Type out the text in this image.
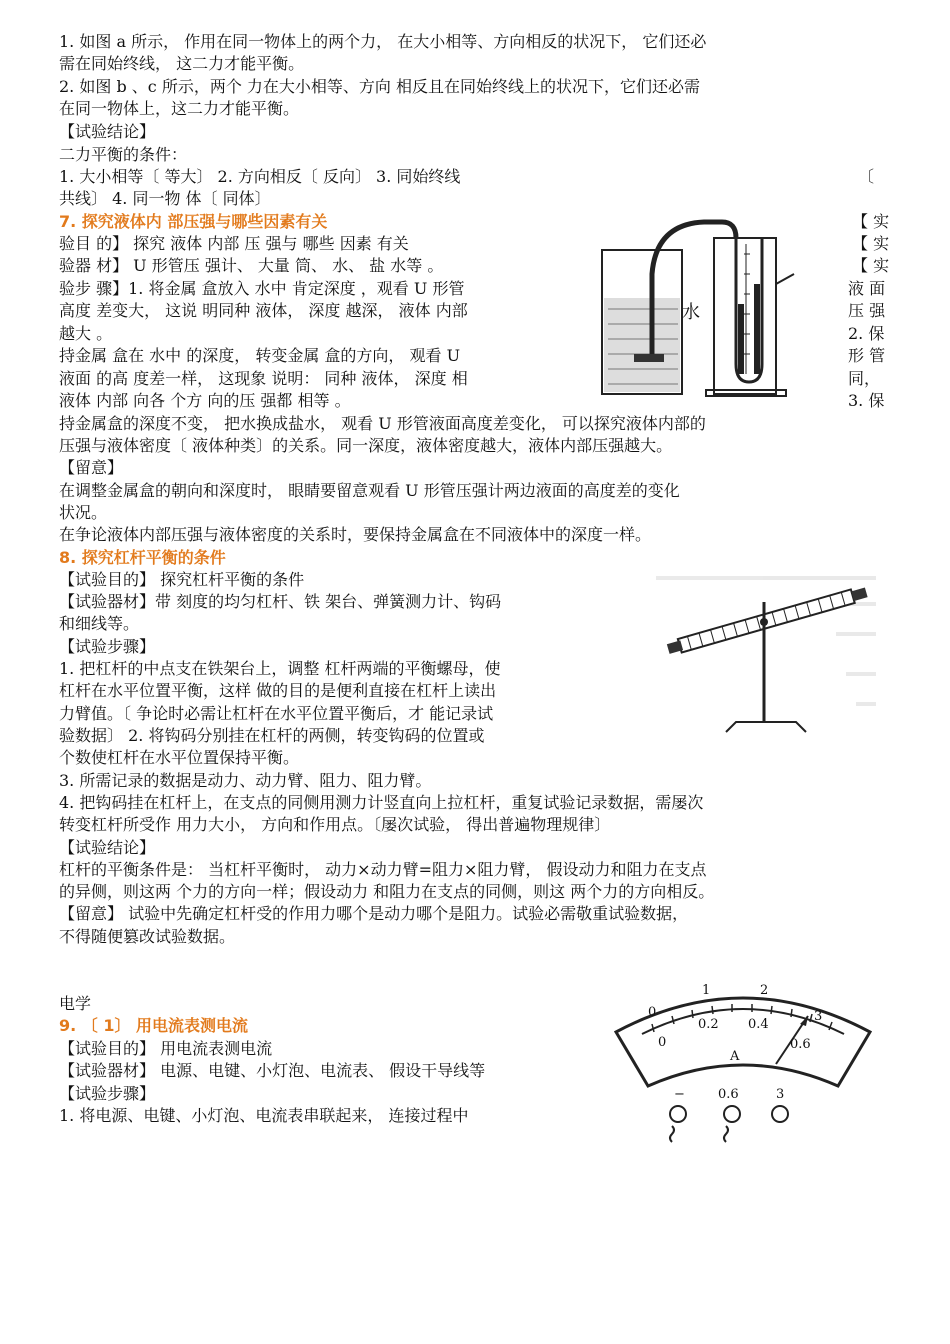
1. 如图 a 所示， 作用在同一物体上的两个力， 在大小相等、方向相反的状况下， 它们还必
需在同始终线， 这二力才能平衡。
2. 如图 b 、c 所示，两个 力在大小相等、方向 相反且在同始终线上的状况下，它们还必需
在同一物体上，这二力才能平衡。
【试验结论】
二力平衡的条件：
1. 大小相等〔 等大〕 2. 方向相反〔 反向〕 3. 同始终线
共线〕 4. 同一物 体〔 同体〕
验目 的】 探究 液体 内部 压 强与 哪些 因素 有关
验器 材】 U 形管压 强计、 大量 筒、 水、 盐 水等 。
验步 骤】1. 将金属 盒放入 水中 肯定深度 ，观看 U 形管
高度 差变大， 这说 明同种 液体， 深度 越深， 液体 内部
越大 。
持金属 盒在 水中 的深度， 转变金属 盒的方向， 观看 U
液面 的高 度差一样， 这现象 说明： 同种 液体， 深度 相
液体 内部 向各 个方 向的压 强都 相等 。
持金属盒的深度不变， 把水换成盐水， 观看 U 形管液面高度差变化， 可以探究液体内部的
压强与液体密度〔 液体种类〕的关系。同一深度，液体密度越大，液体内部压强越大。
【留意】
在调整金属盒的朝向和深度时， 眼睛要留意观看 U 形管压强计两边液面的高度差的变化
状况。
在争论液体内部压强与液体密度的关系时，要保持金属盒在不同液体中的深度一样。
【试验目的】 探究杠杆平衡的条件
【试验器材】带 刻度的均匀杠杆、铁 架台、弹簧测力计、钩码
和细线等。
【试验步骤】
1. 把杠杆的中点支在铁架台上，调整 杠杆两端的平衡螺母，使
杠杆在水平位置平衡，这样 做的目的是便利直接在杠杆上读出
力臂值。〔 争论时必需让杠杆在水平位置平衡后，才 能记录试
验数据〕 2. 将钩码分别挂在杠杆的两侧，转变钩码的位置或
个数使杠杆在水平位置保持平衡。
3. 所需记录的数据是动力、动力臂、阻力、阻力臂。
4. 把钩码挂在杠杆上，在支点的同侧用测力计竖直向上拉杠杆，重复试验记录数据，需屡次
转变杠杆所受作 用力大小， 方向和作用点。〔屡次试验， 得出普遍物理规律〕
【试验结论】
杠杆的平衡条件是： 当杠杆平衡时， 动力×动力臂=阻力×阻力臂， 假设动力和阻力在支点
的异侧，则这两 个力的方向一样；假设动力 和阻力在支点的同侧，则这 两个力的方向相反。
【留意】 试验中先确定杠杆受的作用力哪个是动力哪个是阻力。试验必需敬重试验数据，
不得随便篡改试验数据。
电学
【试验目的】 用电流表测电流
【试验器材】 电源、电键、小灯泡、电流表、 假设干导线等
【试验步骤】
1. 将电源、电键、小灯泡、电流表串联起来， 连接过程中
7. 探究液体内 部压强与哪些因素有关
8. 探究杠杆平衡的条件
9. 〔 1〕 用电流表测电流
〔
【 实
【 实
【 实
液 面
压 强
2. 保
形 管
同，
3. 保
水
0
1	2
3
0
0.2 0.4
0.6
A
−	0.6	3
